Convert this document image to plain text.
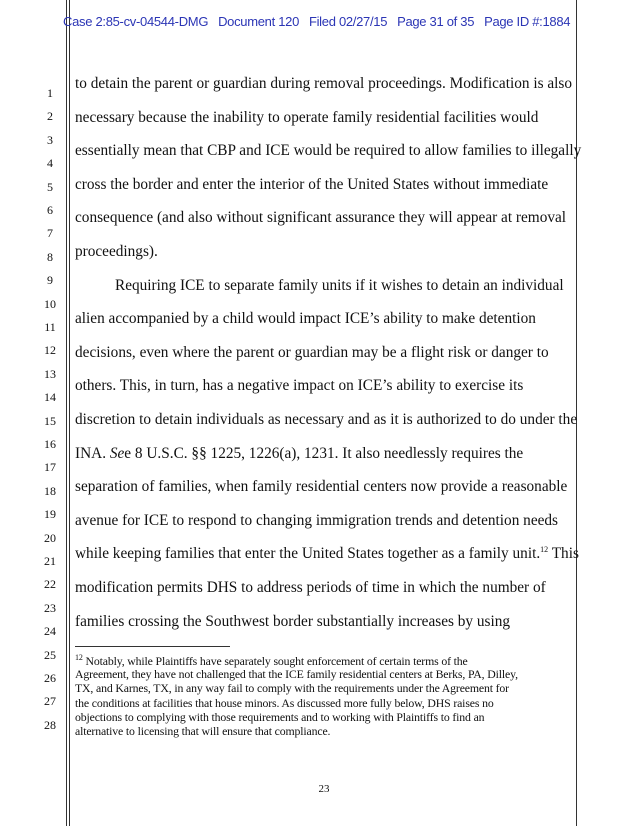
Case 2:85-cv-04544-DMG   Document 120   Filed 02/27/15   Page 31 of 35   Page ID #:1884
1
2
3
4
5
6
7
8
9
10
11
12
13
14
15
16
17
18
19
20
21
22
23
24
25
26
27
28
to detain the parent or guardian during removal proceedings. Modification is also
necessary because the inability to operate family residential facilities would
essentially mean that CBP and ICE would be required to allow families to illegally
cross the border and enter the interior of the United States without immediate
consequence (and also without significant assurance they will appear at removal
proceedings).
Requiring ICE to separate family units if it wishes to detain an individual
alien accompanied by a child would impact ICE’s ability to make detention
decisions, even where the parent or guardian may be a flight risk or danger to
others. This, in turn, has a negative impact on ICE’s ability to exercise its
discretion to detain individuals as necessary and as it is authorized to do under the
INA. See 8 U.S.C. §§ 1225, 1226(a), 1231. It also needlessly requires the
separation of families, when family residential centers now provide a reasonable
avenue for ICE to respond to changing immigration trends and detention needs
while keeping families that enter the United States together as a family unit.$^{12}$ This
modification permits DHS to address periods of time in which the number of
families crossing the Southwest border substantially increases by using
$^{12}$ Notably, while Plaintiffs have separately sought enforcement of certain terms of the
Agreement, they have not challenged that the ICE family residential centers at Berks, PA, Dilley,
TX, and Karnes, TX, in any way fail to comply with the requirements under the Agreement for
the conditions at facilities that house minors. As discussed more fully below, DHS raises no
objections to complying with those requirements and to working with Plaintiffs to find an
alternative to licensing that will ensure that compliance.
23
